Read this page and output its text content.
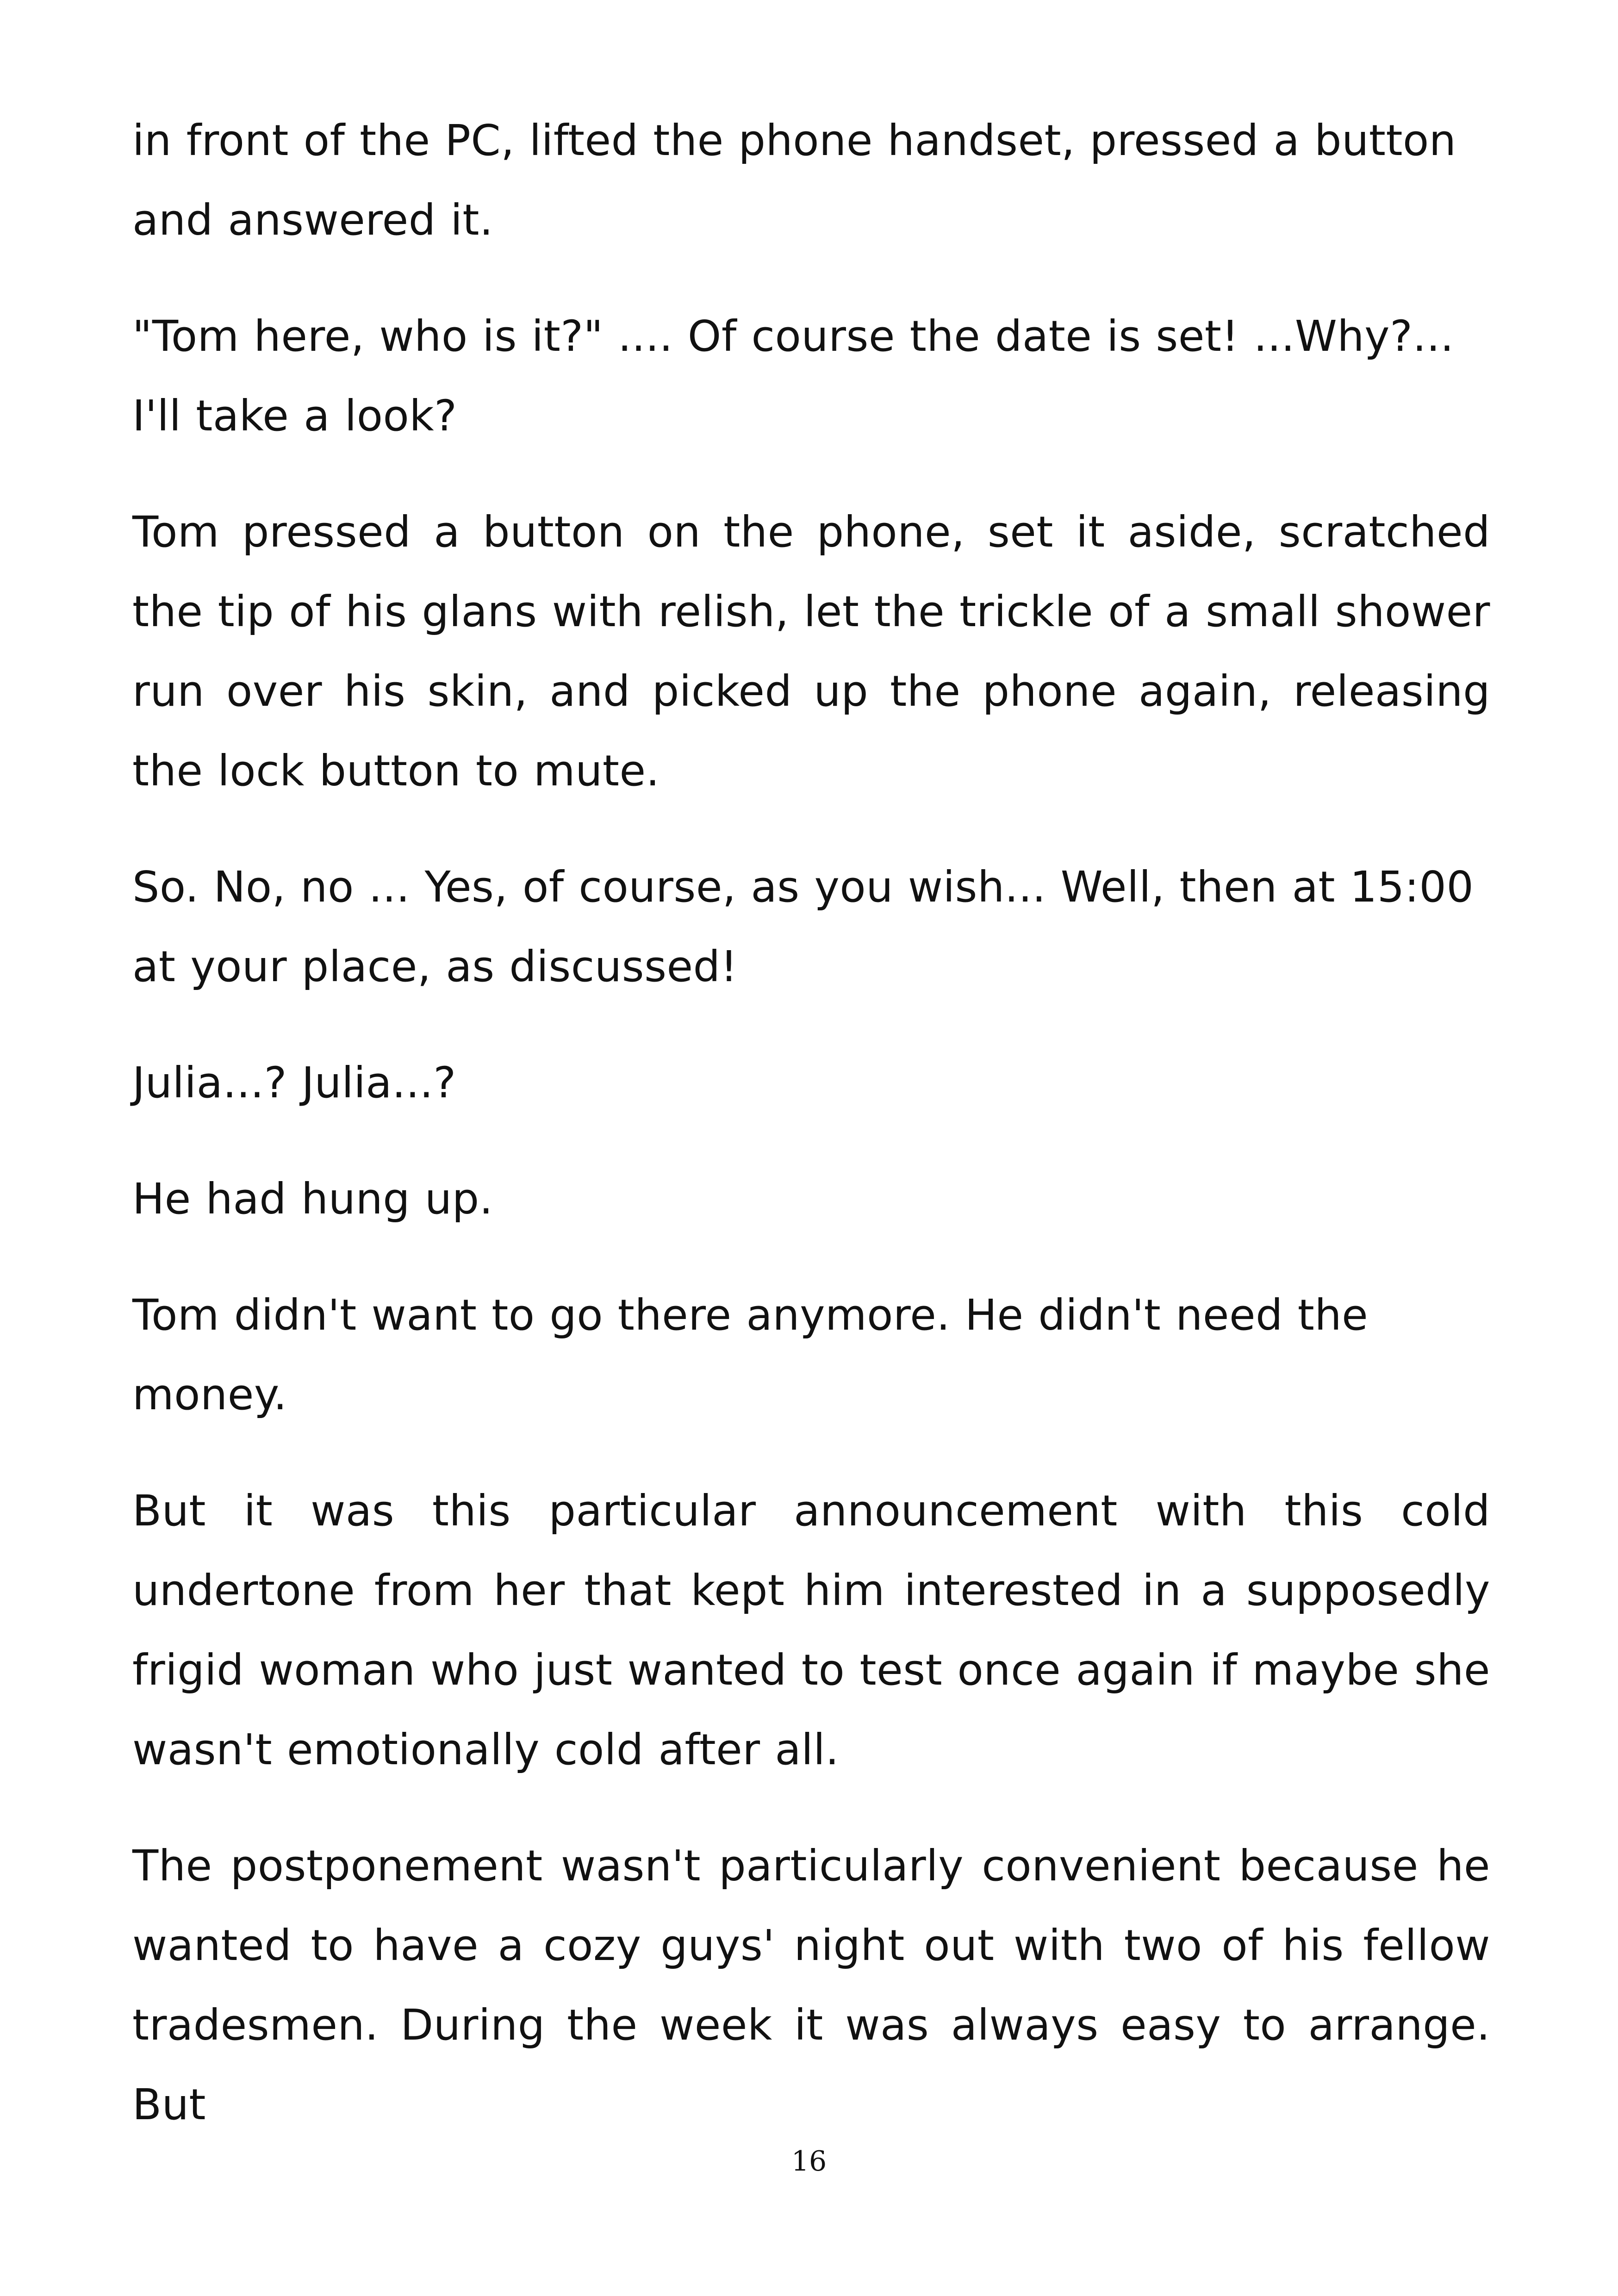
in front of the PC, lifted the phone handset, pressed a button and answered it.

"Tom here, who is it?" .... Of course the date is set! ...Why?... I'll take a look?

Tom pressed a button on the phone, set it aside, scratched the tip of his glans with relish, let the trickle of a small shower run over his skin, and picked up the phone again, releasing the lock button to mute.

So. No, no ... Yes, of course, as you wish... Well, then at 15:00 at your place, as discussed!

Julia...? Julia...?

He had hung up.

Tom didn't want to go there anymore. He didn't need the money.

But it was this particular announcement with this cold undertone from her that kept him interested in a supposedly frigid woman who just wanted to test once again if maybe she wasn't emotionally cold after all.

The postponement wasn't particularly convenient because he wanted to have a cozy guys' night out with two of his fellow tradesmen. During the week it was always easy to arrange. But

16
